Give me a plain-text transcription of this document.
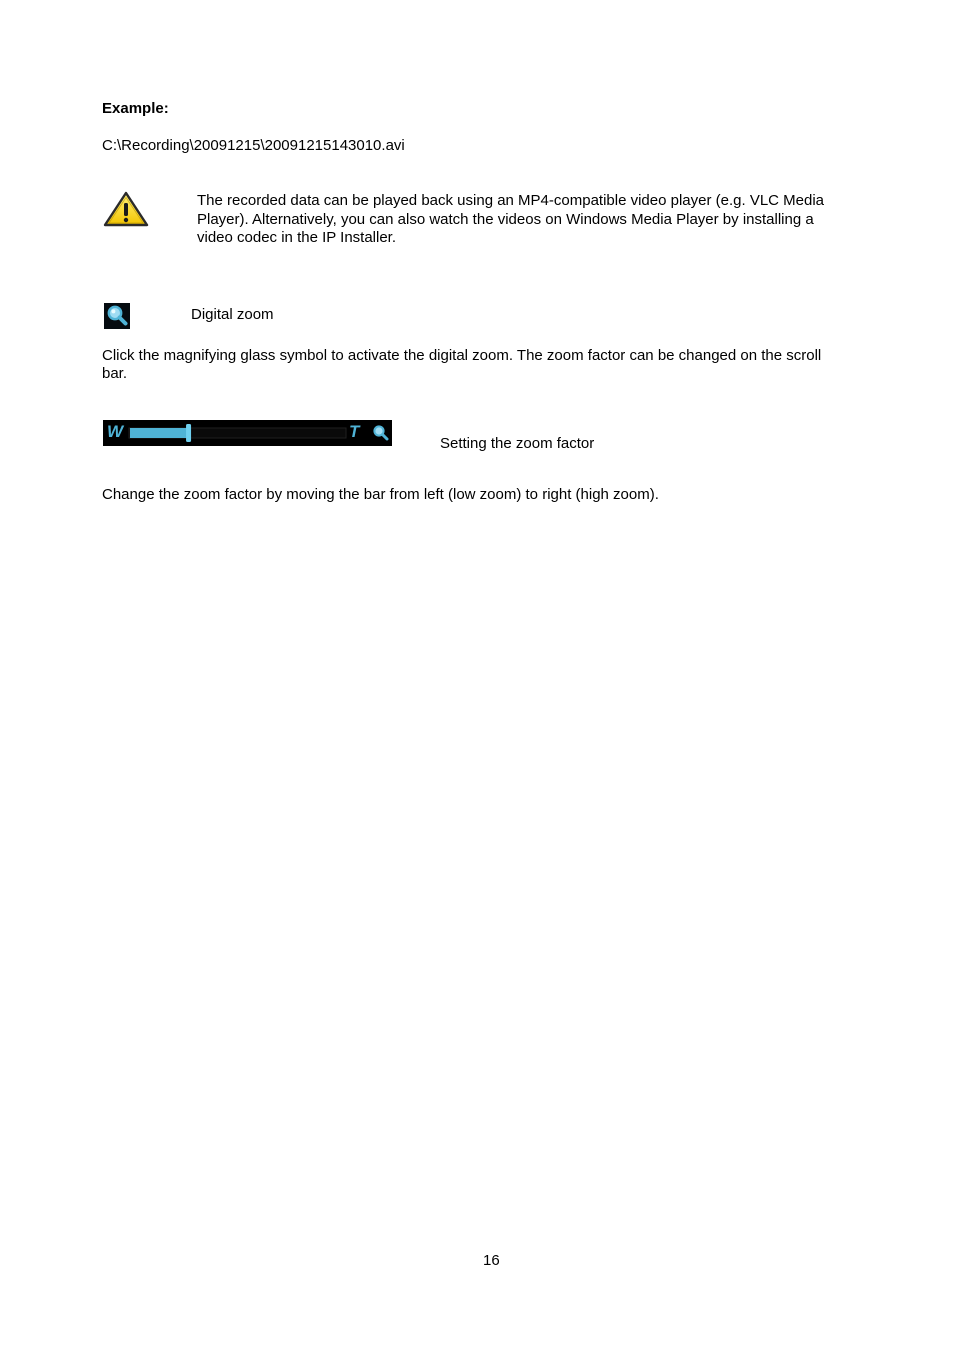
Example:
C:\Recording\20091215\20091215143010.avi
The recorded data can be played back using an MP4-compatible video player (e.g. VLC Media
Player). Alternatively, you can also watch the videos on Windows Media Player by installing a
video codec in the IP Installer.
Digital zoom
Click the magnifying glass symbol to activate the digital zoom. The zoom factor can be changed on the scroll
bar.
W	T
Setting the zoom factor
Change the zoom factor by moving the bar from left (low zoom) to right (high zoom).
16
